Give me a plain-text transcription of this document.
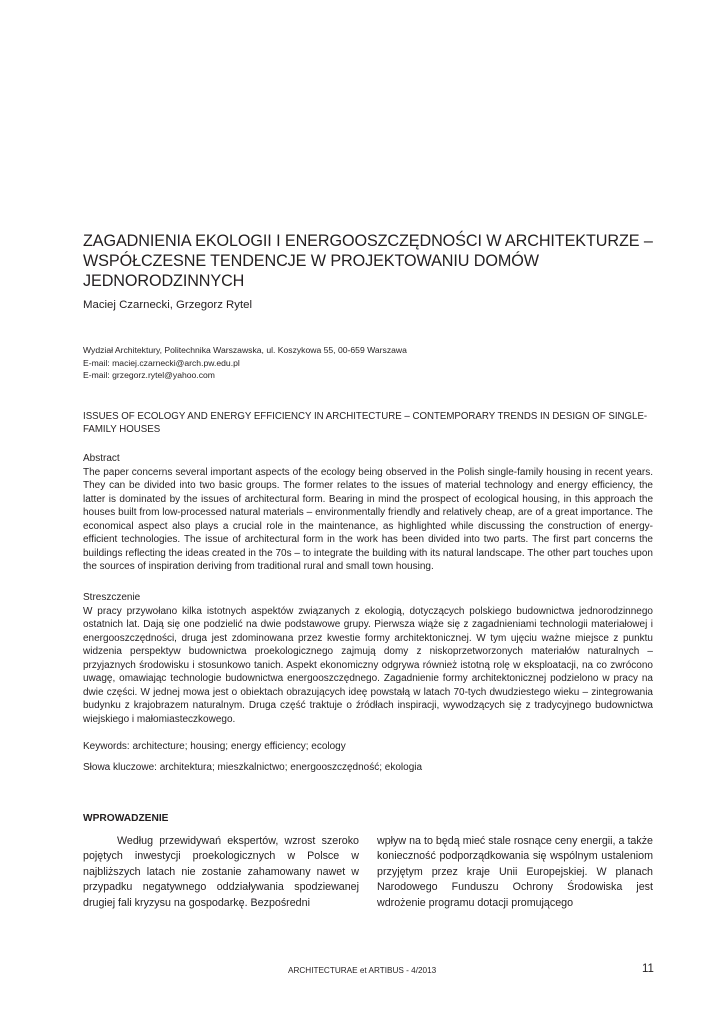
ZAGADNIENIA EKOLOGII I ENERGOOSZCZĘDNOŚCI W ARCHITEKTURZE – WSPÓŁCZESNE TENDENCJE W PROJEKTOWANIU DOMÓW JEDNORODZINNYCH
Maciej Czarnecki, Grzegorz Rytel
Wydział Architektury, Politechnika Warszawska, ul. Koszykowa 55, 00-659 Warszawa
E-mail: maciej.czarnecki@arch.pw.edu.pl
E-mail: grzegorz.rytel@yahoo.com
ISSUES OF ECOLOGY AND ENERGY EFFICIENCY IN ARCHITECTURE – CONTEMPORARY TRENDS IN DESIGN OF SINGLE-FAMILY HOUSES
Abstract

The paper concerns several important aspects of the ecology being observed in the Polish single-family housing in recent years. They can be divided into two basic groups. The former relates to the issues of material technology and energy efficiency, the latter is dominated by the issues of architectural form. Bearing in mind the prospect of ecological housing, in this approach the houses built from low-processed natural materials – environmentally friendly and relatively cheap, are of a great importance. The economical aspect also plays a crucial role in the maintenance, as highlighted while discussing the construction of energy-efficient technologies. The issue of architectural form in the work has been divided into two parts. The first part concerns the buildings reflecting the ideas created in the 70s – to integrate the building with its natural landscape. The other part touches upon the sources of inspiration deriving from traditional rural and small town housing.

Streszczenie

W pracy przywołano kilka istotnych aspektów związanych z ekologią, dotyczących polskiego budownictwa jednorodzinnego ostatnich lat. Dają się one podzielić na dwie podstawowe grupy. Pierwsza wiąże się z zagadnieniami technologii materiałowej i energooszczędności, druga jest zdominowana przez kwestie formy architektonicznej. W tym ujęciu ważne miejsce z punktu widzenia perspektyw budownictwa proekologicznego zajmują domy z niskoprzetworzonych materiałów naturalnych – przyjaznych środowisku i stosunkowo tanich. Aspekt ekonomiczny odgrywa również istotną rolę w eksploatacji, na co zwrócono uwagę, omawiając technologie budownictwa energooszczędnego. Zagadnienie formy architektonicznej podzielono w pracy na dwie części. W jednej mowa jest o obiektach obrazujących ideę powstałą w latach 70-tych dwudziestego wieku – zintegrowania budynku z krajobrazem naturalnym. Druga część traktuje o źródłach inspiracji, wywodzących się z tradycyjnego budownictwa wiejskiego i małomiasteczkowego.

Keywords: architecture; housing; energy efficiency; ecology
Słowa kluczowe: architektura; mieszkalnictwo; energooszczędność; ekologia
WPROWADZENIE

Według przewidywań ekspertów, wzrost szeroko pojętych inwestycji proekologicznych w Polsce w najbliższych latach nie zostanie zahamowany nawet w przypadku negatywnego oddziaływania spodziewanej drugiej fali kryzysu na gospodarkę. Bezpośredni

wpływ na to będą mieć stale rosnące ceny energii, a także konieczność podporządkowania się wspólnym ustaleniom przyjętym przez kraje Unii Europejskiej. W planach Narodowego Funduszu Ochrony Środowiska jest wdrożenie programu dotacji promującego

ARCHITECTURAE et ARTIBUS - 4/2013	11
